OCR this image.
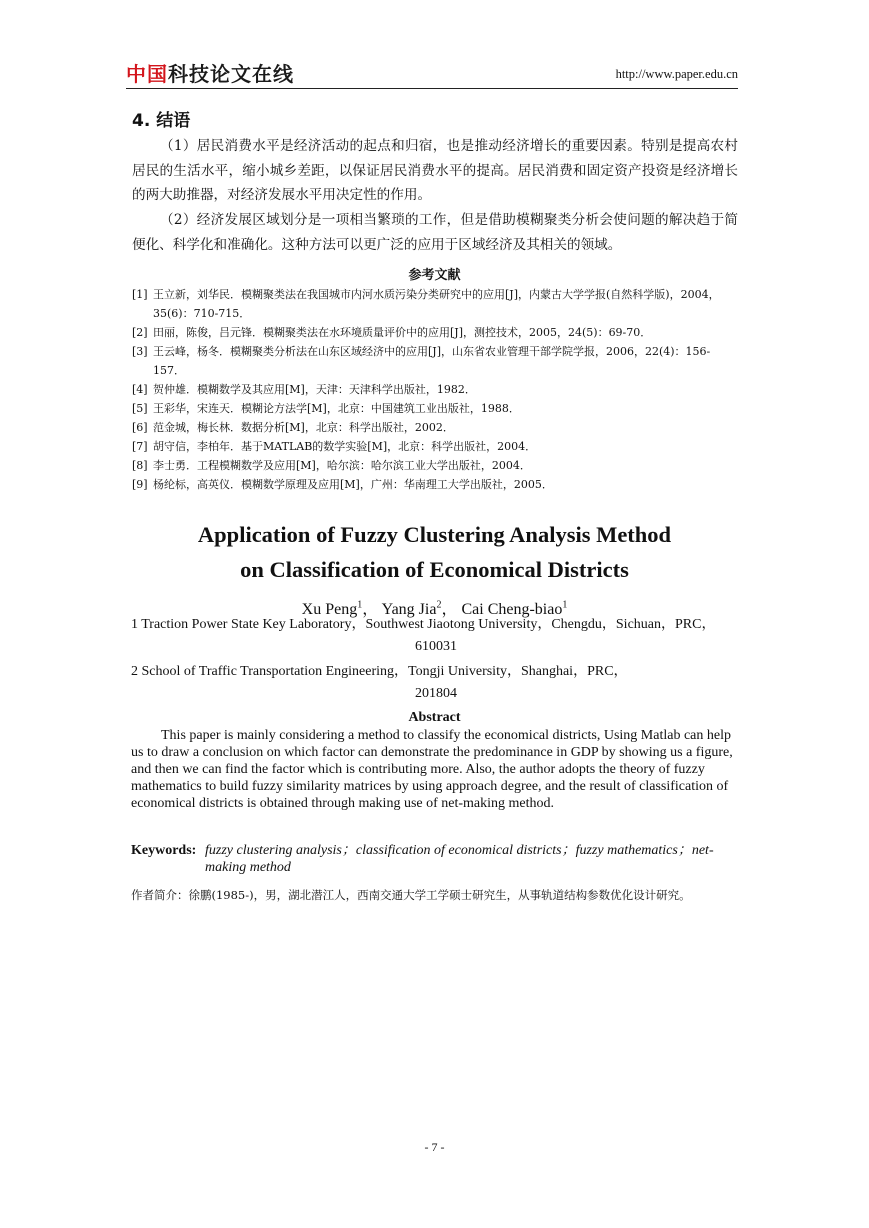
中国科技论文在线	http://www.paper.edu.cn
4. 结语
（1）居民消费水平是经济活动的起点和归宿，也是推动经济增长的重要因素。特别是提高农村居民的生活水平，缩小城乡差距，以保证居民消费水平的提高。居民消费和固定资产投资是经济增长的两大助推器，对经济发展水平用决定性的作用。
（2）经济发展区域划分是一项相当繁琐的工作，但是借助模糊聚类分析会使问题的解决趋于简便化、科学化和准确化。这种方法可以更广泛的应用于区域经济及其相关的领域。
参考文献
[1] 王立新，刘华民．模糊聚类法在我国城市内河水质污染分类研究中的应用[J]，内蒙古大学学报(自然科学版)，2004，35(6)：710-715．
[2] 田丽，陈俊，吕元锋．模糊聚类法在水环境质量评价中的应用[J]，测控技术，2005，24(5)：69-70．
[3] 王云峰，杨冬．模糊聚类分析法在山东区域经济中的应用[J]，山东省农业管理干部学院学报，2006，22(4)：156-157．
[4] 贺仲雄．模糊数学及其应用[M]，天津：天津科学出版社，1982．
[5] 王彩华，宋连天．模糊论方法学[M]，北京：中国建筑工业出版社，1988．
[6] 范金城，梅长林．数据分析[M]，北京：科学出版社，2002．
[7] 胡守信，李柏年．基于MATLAB的数学实验[M]，北京：科学出版社，2004．
[8] 李士勇．工程模糊数学及应用[M]，哈尔滨：哈尔滨工业大学出版社，2004．
[9] 杨纶标，高英仪．模糊数学原理及应用[M]，广州：华南理工大学出版社，2005．
Application of Fuzzy Clustering Analysis Method
on Classification of Economical Districts
Xu Peng$^1$， Yang Jia$^2$， Cai Cheng-biao$^1$
1 Traction Power State Key Laboratory，Southwest Jiaotong University，Chengdu，Sichuan，PRC，
610031
2 School of Traffic Transportation Engineering，Tongji University，Shanghai，PRC，
201804
Abstract
This paper is mainly considering a method to classify the economical districts, Using Matlab can help us to draw a conclusion on which factor can demonstrate the predominance in GDP by showing us a figure, and then we can find the factor which is contributing more. Also, the author adopts the theory of fuzzy mathematics to build fuzzy similarity matrices by using approach degree, and the result of classification of economical districts is obtained through making use of net-making method.
Keywords: fuzzy clustering analysis；classification of economical districts；fuzzy mathematics；net-making method
作者简介：徐鹏(1985-)，男，湖北潜江人，西南交通大学工学硕士研究生，从事轨道结构参数优化设计研究。
- 7 -
